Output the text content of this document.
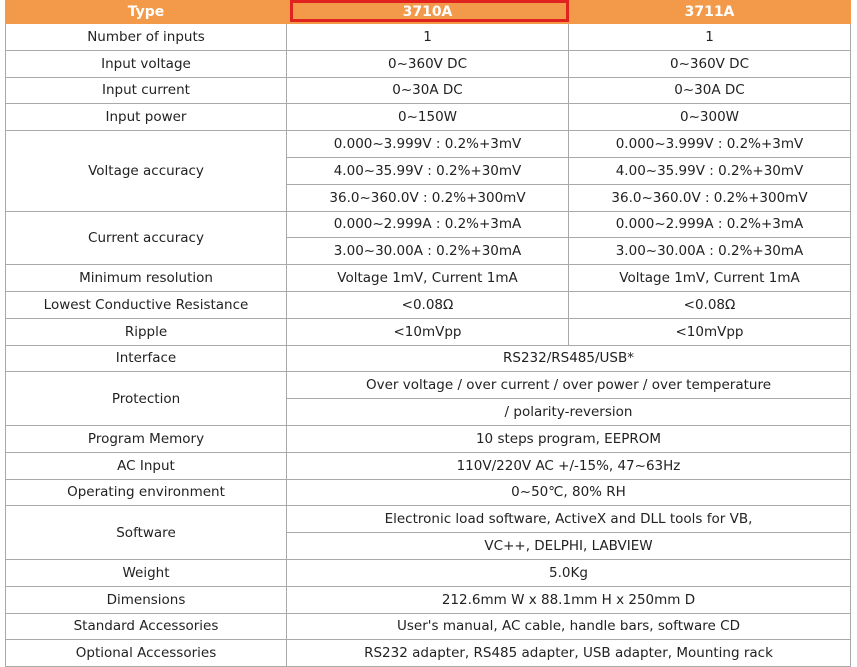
Type	3710A	3711A
Number of inputs	1	1
Input voltage	0~360V DC	0~360V DC
Input current	0~30A DC	0~30A DC
Input power	0~150W	0~300W
Voltage accuracy	0.000~3.999V : 0.2%+3mV	0.000~3.999V : 0.2%+3mV
	4.00~35.99V : 0.2%+30mV	4.00~35.99V : 0.2%+30mV
	36.0~360.0V : 0.2%+300mV	36.0~360.0V : 0.2%+300mV
Current accuracy	0.000~2.999A : 0.2%+3mA	0.000~2.999A : 0.2%+3mA
	3.00~30.00A : 0.2%+30mA	3.00~30.00A : 0.2%+30mA
Minimum resolution	Voltage 1mV, Current 1mA	Voltage 1mV, Current 1mA
Lowest Conductive Resistance	<0.08Ω	<0.08Ω
Ripple	<10mVpp	<10mVpp
Interface	RS232/RS485/USB*	
Protection	Over voltage / over current / over power / over temperature	
	/ polarity-reversion	
Program Memory	10 steps program, EEPROM	
AC Input	110V/220V AC +/-15%, 47~63Hz	
Operating environment	0~50℃, 80% RH	
Software	Electronic load software, ActiveX and DLL tools for VB,	
	VC++, DELPHI, LABVIEW	
Weight	5.0Kg	
Dimensions	212.6mm W x 88.1mm H x 250mm D	
Standard Accessories	User's manual, AC cable, handle bars, software CD	
Optional Accessories	RS232 adapter, RS485 adapter, USB adapter, Mounting rack	
